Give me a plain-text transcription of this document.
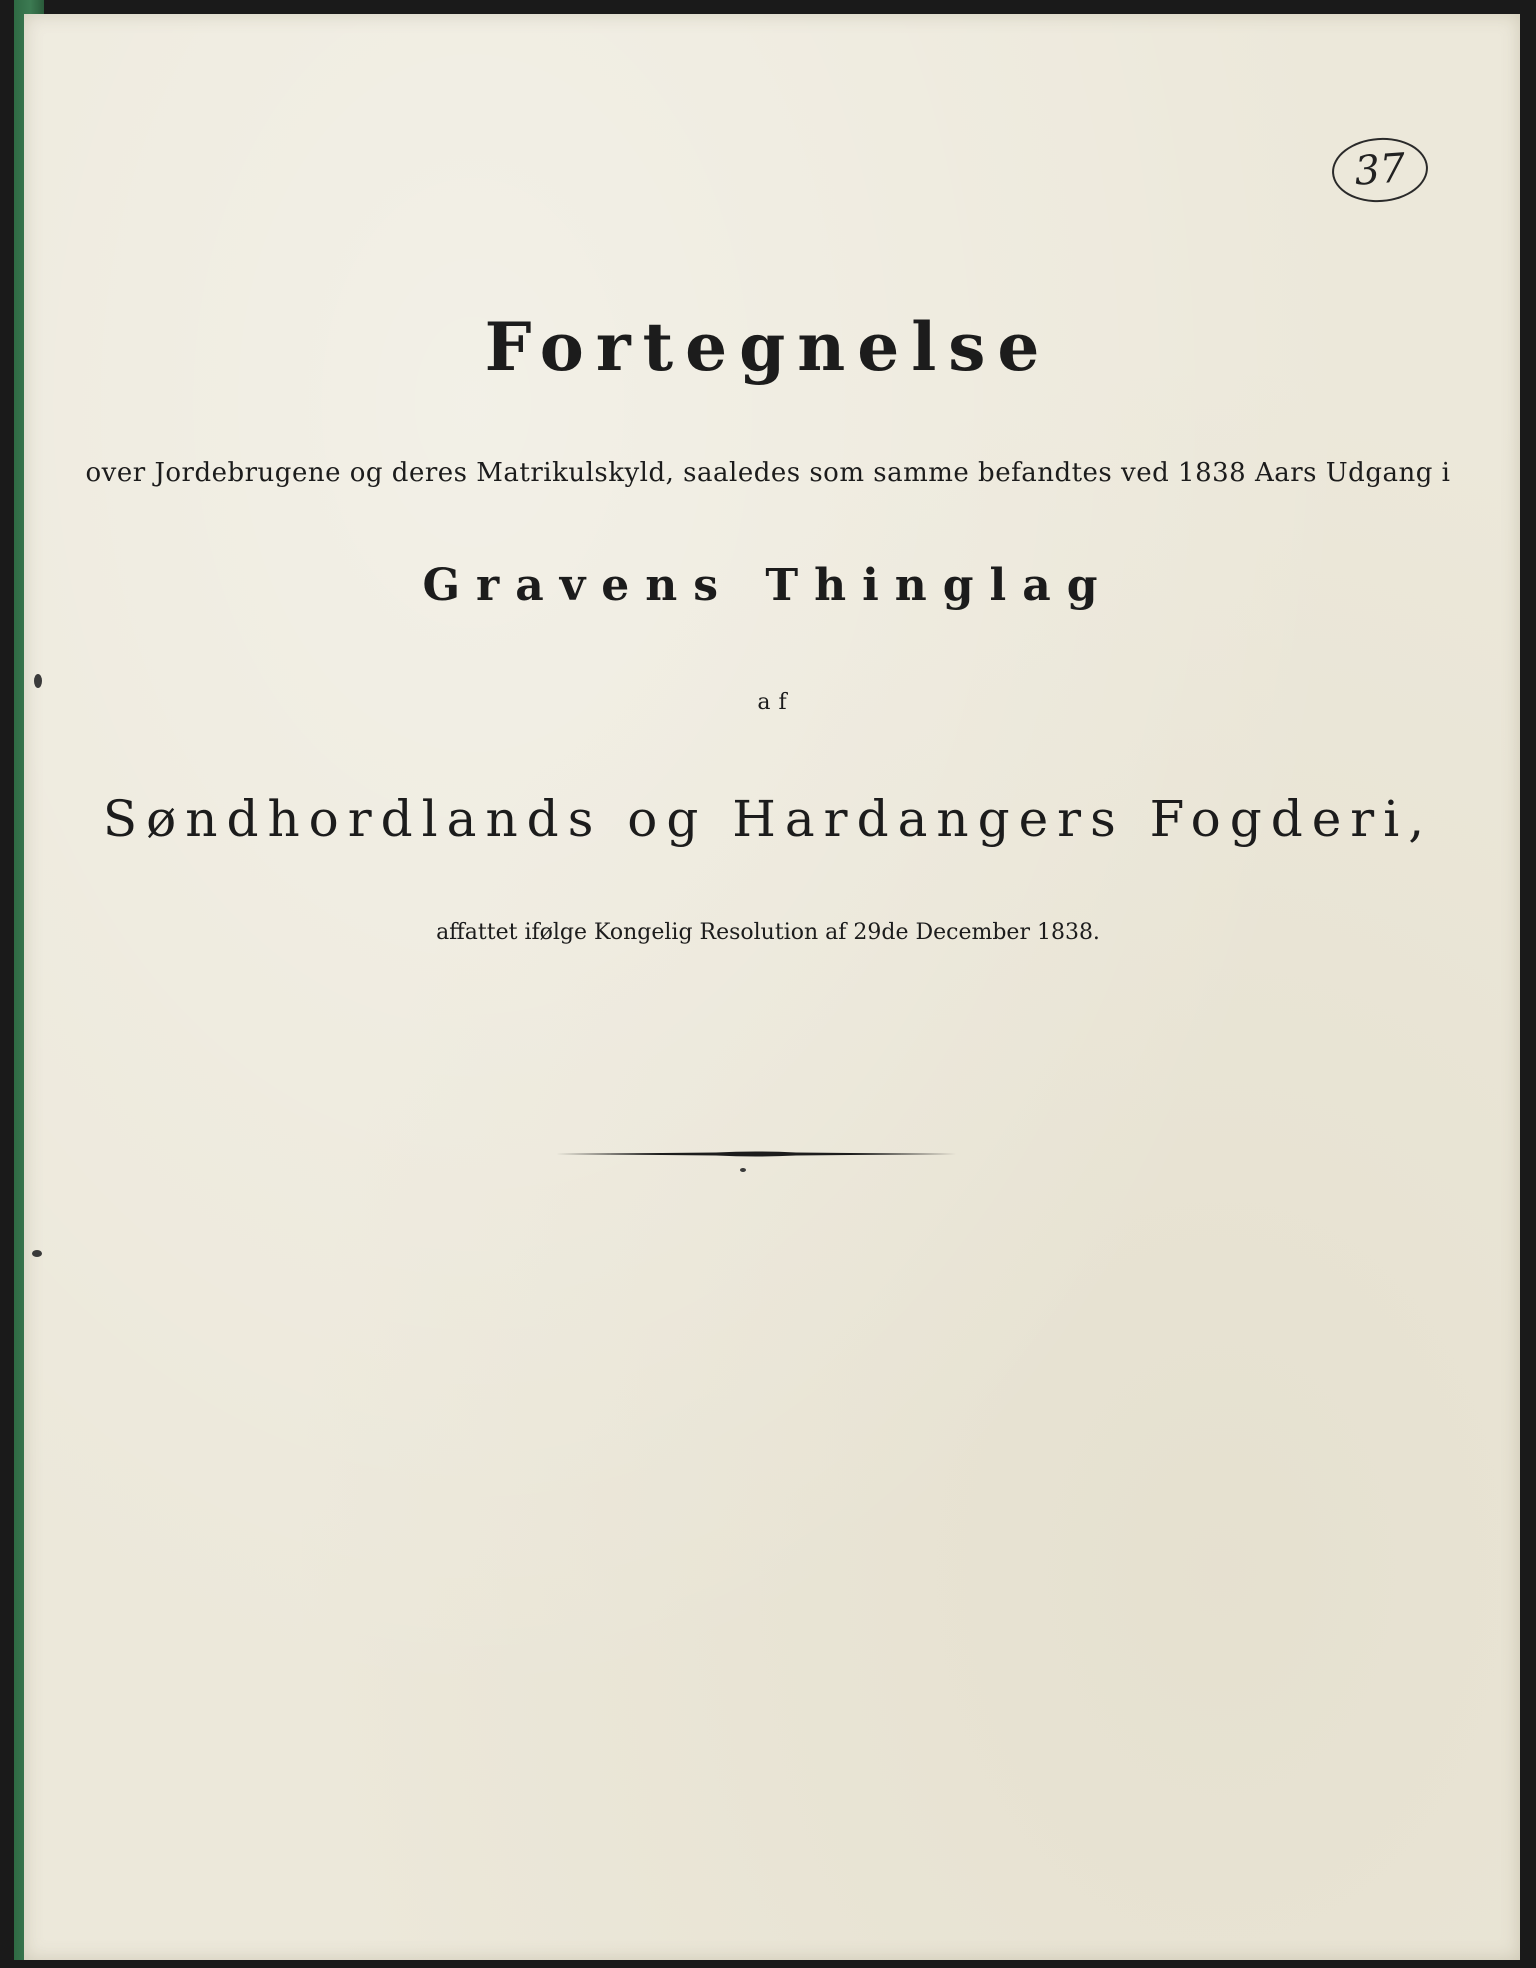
37
Fortegnelse
over Jordebrugene og deres Matrikulskyld, saaledes som samme befandtes ved 1838 Aars Udgang i
Gravens Thinglag
af
Søndhordlands og Hardangers Fogderi,
affattet ifølge Kongelig Resolution af 29de December 1838.
